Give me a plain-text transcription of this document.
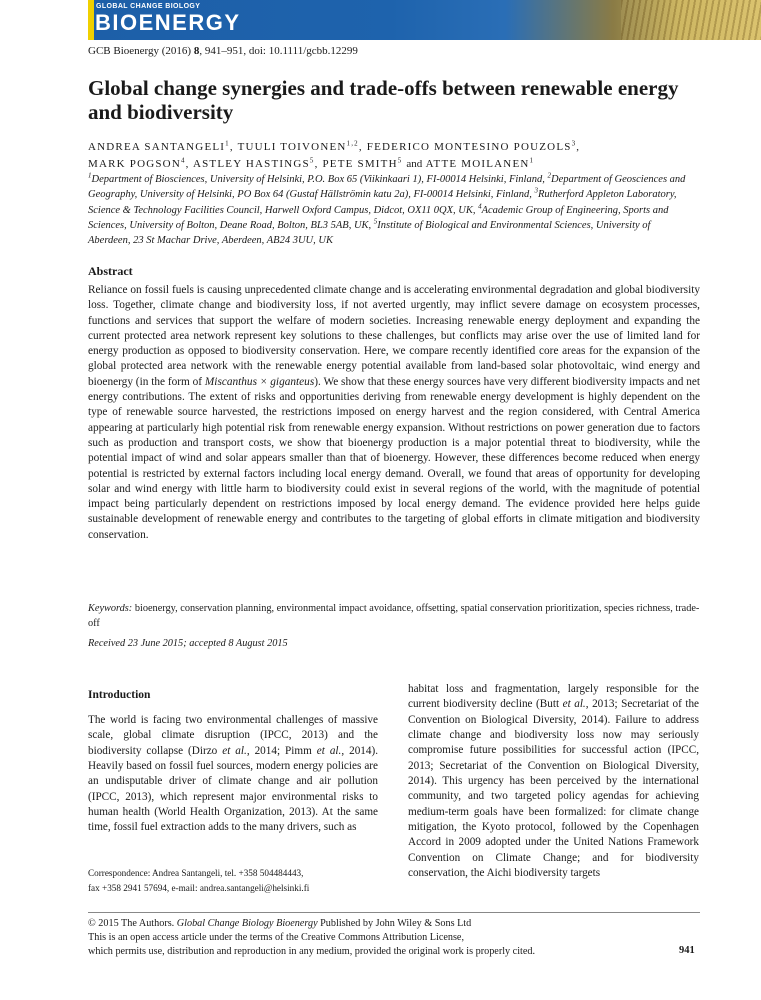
GLOBAL CHANGE BIOLOGY
BIOENERGY
GCB Bioenergy (2016) 8, 941–951, doi: 10.1111/gcbb.12299
Global change synergies and trade-offs between renewable energy and biodiversity
ANDREA SANTANGELI$^1$, TUULI TOIVONEN$^{1,2}$, FEDERICO MONTESINO POUZOLS$^3$,
MARK POGSON$^4$, ASTLEY HASTINGS$^5$, PETE SMITH$^5$ and ATTE MOILANEN$^1$
$^1$Department of Biosciences, University of Helsinki, P.O. Box 65 (Viikinkaari 1), FI-00014 Helsinki, Finland, $^2$Department of Geosciences and Geography, University of Helsinki, PO Box 64 (Gustaf Hällströmin katu 2a), FI-00014 Helsinki, Finland, $^3$Rutherford Appleton Laboratory, Science & Technology Facilities Council, Harwell Oxford Campus, Didcot, OX11 0QX, UK, $^4$Academic Group of Engineering, Sports and Sciences, University of Bolton, Deane Road, Bolton, BL3 5AB, UK, $^5$Institute of Biological and Environmental Sciences, University of Aberdeen, 23 St Machar Drive, Aberdeen, AB24 3UU, UK
Abstract

Reliance on fossil fuels is causing unprecedented climate change and is accelerating environmental degradation and global biodiversity loss. Together, climate change and biodiversity loss, if not averted urgently, may inflict severe damage on ecosystem processes, functions and services that support the welfare of modern societies. Increasing renewable energy deployment and expanding the current protected area network represent key solutions to these challenges, but conflicts may arise over the use of limited land for energy production as opposed to biodiversity conservation. Here, we compare recently identified core areas for the expansion of the global protected area network with the renewable energy potential available from land-based solar photovoltaic, wind energy and bioenergy (in the form of Miscanthus × giganteus). We show that these energy sources have very different biodiversity impacts and net energy contributions. The extent of risks and opportunities deriving from renewable energy development is highly dependent on the type of renewable source harvested, the restrictions imposed on energy harvest and the region considered, with Central America appearing at particularly high potential risk from renewable energy expansion. Without restrictions on power generation due to factors such as production and transport costs, we show that bioenergy production is a major potential threat to biodiversity, while the potential impact of wind and solar appears smaller than that of bioenergy. However, these differences become reduced when energy potential is restricted by external factors including local energy demand. Overall, we found that areas of opportunity for developing solar and wind energy with little harm to biodiversity could exist in several regions of the world, with the magnitude of potential impact being particularly dependent on restrictions imposed by local energy demand. The evidence provided here helps guide sustainable development of renewable energy and contributes to the targeting of global efforts in climate mitigation and biodiversity conservation.

Keywords: bioenergy, conservation planning, environmental impact avoidance, offsetting, spatial conservation prioritization, species richness, trade-off
Received 23 June 2015; accepted 8 August 2015
Introduction

The world is facing two environmental challenges of massive scale, global climate disruption (IPCC, 2013) and the biodiversity collapse (Dirzo et al., 2014; Pimm et al., 2014). Heavily based on fossil fuel sources, modern energy policies are an undisputable driver of climate change and air pollution (IPCC, 2013), which represent major environmental risks to human health (World Health Organization, 2013). At the same time, fossil fuel extraction adds to the many drivers, such as

habitat loss and fragmentation, largely responsible for the current biodiversity decline (Butt et al., 2013; Secretariat of the Convention on Biological Diversity, 2014). Failure to address climate change and biodiversity loss now may seriously compromise future possibilities for successful action (IPCC, 2013; Secretariat of the Convention on Biological Diversity, 2014). This urgency has been perceived by the international community, and two targeted policy agendas for achieving medium-term goals have been formalized: for climate change mitigation, the Kyoto protocol, followed by the Copenhagen Accord in 2009 adopted under the United Nations Framework Convention on Climate Change; and for biodiversity conservation, the Aichi biodiversity targets

Correspondence: Andrea Santangeli, tel. +358 504484443,
fax +358 2941 57694, e-mail: andrea.santangeli@helsinki.fi
© 2015 The Authors. Global Change Biology Bioenergy Published by John Wiley & Sons Ltd
This is an open access article under the terms of the Creative Commons Attribution License,
which permits use, distribution and reproduction in any medium, provided the original work is properly cited.	941
